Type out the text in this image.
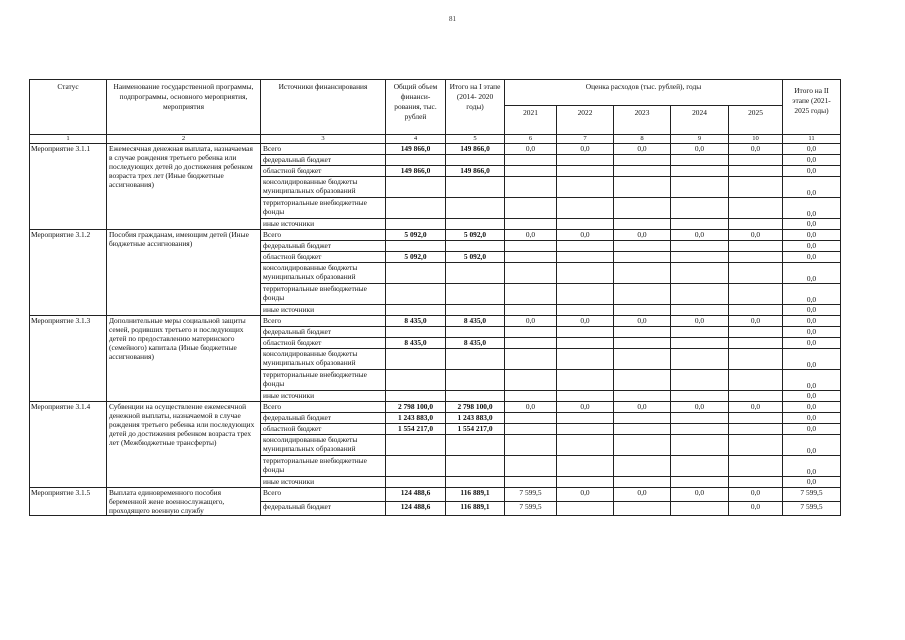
81
Статус	Наименование государственной программы, подпрограммы, основного мероприятия, мероприятия	Источники финансирования	Общий объем финанси- рования, тыс. рублей	Итого на I этапе (2014- 2020 годы)	Оценка расходов (тыс. рублей), годы					Итого на II этапе (2021- 2025 годы)
					2021	2022	2023	2024	2025	
1	2	3	4	5	6	7	8	9	10	11
Мероприятие 3.1.1	Ежемесячная денежная выплата, назначаемая в случае рождения третьего ребенка или последующих детей до достижения ребенком возраста трех лет (Иные бюджетные ассигнования)	Всего	149 866,0	149 866,0	0,0	0,0	0,0	0,0	0,0	0,0
		федеральный бюджет								0,0
		областной бюджет	149 866,0	149 866,0						0,0
		консолидированные бюджеты муниципальных образований								0,0
		территориальные внебюджетные фонды								0,0
		иные источники								0,0
Мероприятие 3.1.2	Пособия гражданам, имеющим детей (Иные бюджетные ассигнования)	Всего	5 092,0	5 092,0	0,0	0,0	0,0	0,0	0,0	0,0
		федеральный бюджет								0,0
		областной бюджет	5 092,0	5 092,0						0,0
		консолидированные бюджеты муниципальных образований								0,0
		территориальные внебюджетные фонды								0,0
		иные источники								0,0
Мероприятие 3.1.3	Дополнительные меры социальной защиты семей, родивших третьего и последующих детей по предоставлению материнского (семейного) капитала (Иные бюджетные ассигнования)	Всего	8 435,0	8 435,0	0,0	0,0	0,0	0,0	0,0	0,0
		федеральный бюджет								0,0
		областной бюджет	8 435,0	8 435,0						0,0
		консолидированные бюджеты муниципальных образований								0,0
		территориальные внебюджетные фонды								0,0
		иные источники								0,0
Мероприятие 3.1.4	Субвенции на осуществление ежемесячной денежной выплаты, назначаемой в случае рождения третьего ребенка или последующих детей до достижения ребенком возраста трех лет (Межбюджетные трансферты)	Всего	2 798 100,0	2 798 100,0	0,0	0,0	0,0	0,0	0,0	0,0
		федеральный бюджет	1 243 883,0	1 243 883,0						0,0
		областной бюджет	1 554 217,0	1 554 217,0						0,0
		консолидированные бюджеты муниципальных образований								0,0
		территориальные внебюджетные фонды								0,0
		иные источники								0,0
Мероприятие 3.1.5	Выплата единовременного пособия беременной жене военнослужащего, проходящего военную службу	Всего	124 488,6	116 889,1	7 599,5	0,0	0,0	0,0	0,0	7 599,5
		федеральный бюджет	124 488,6	116 889,1	7 599,5				0,0	7 599,5
